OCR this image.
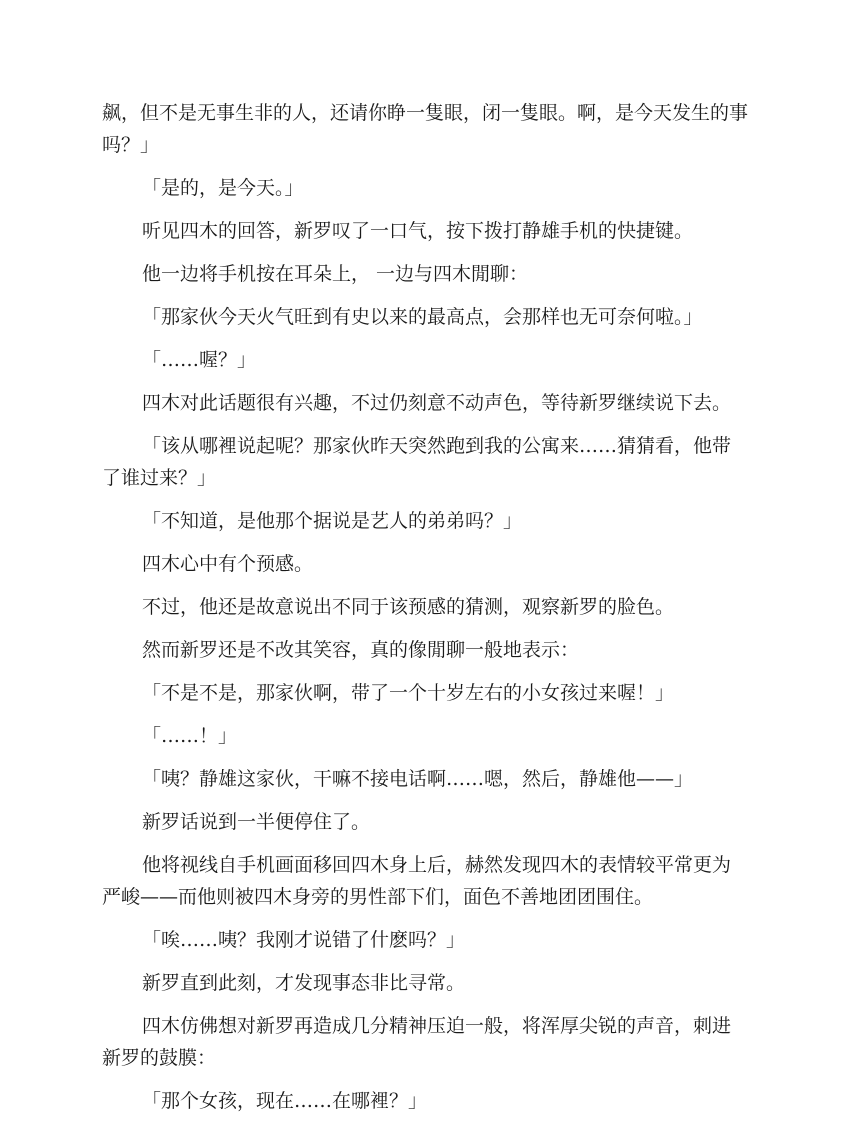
飙，但不是无事生非的人，还请你睁一隻眼，闭一隻眼。啊，是今天发生的事吗？」

「是的，是今天。」

听见四木的回答，新罗叹了一口气，按下拨打静雄手机的快捷键。

他一边将手机按在耳朵上， 一边与四木閒聊：

「那家伙今天火气旺到有史以来的最高点，会那样也无可奈何啦。」

「……喔？」

四木对此话题很有兴趣，不过仍刻意不动声色，等待新罗继续说下去。

「该从哪裡说起呢？那家伙昨天突然跑到我的公寓来……猜猜看，他带了谁过来？」

「不知道，是他那个据说是艺人的弟弟吗？」

四木心中有个预感。

不过，他还是故意说出不同于该预感的猜测，观察新罗的脸色。

然而新罗还是不改其笑容，真的像閒聊一般地表示：

「不是不是，那家伙啊，带了一个十岁左右的小女孩过来喔！」

「……！」

「咦？静雄这家伙，干嘛不接电话啊……嗯，然后，静雄他——」

新罗话说到一半便停住了。

他将视线自手机画面移回四木身上后，赫然发现四木的表情较平常更为严峻——而他则被四木身旁的男性部下们，面色不善地团团围住。

「唉……咦？我刚才说错了什麽吗？」

新罗直到此刻，才发现事态非比寻常。

四木仿佛想对新罗再造成几分精神压迫一般，将浑厚尖锐的声音，刺进新罗的鼓膜：

「那个女孩，现在……在哪裡？」
